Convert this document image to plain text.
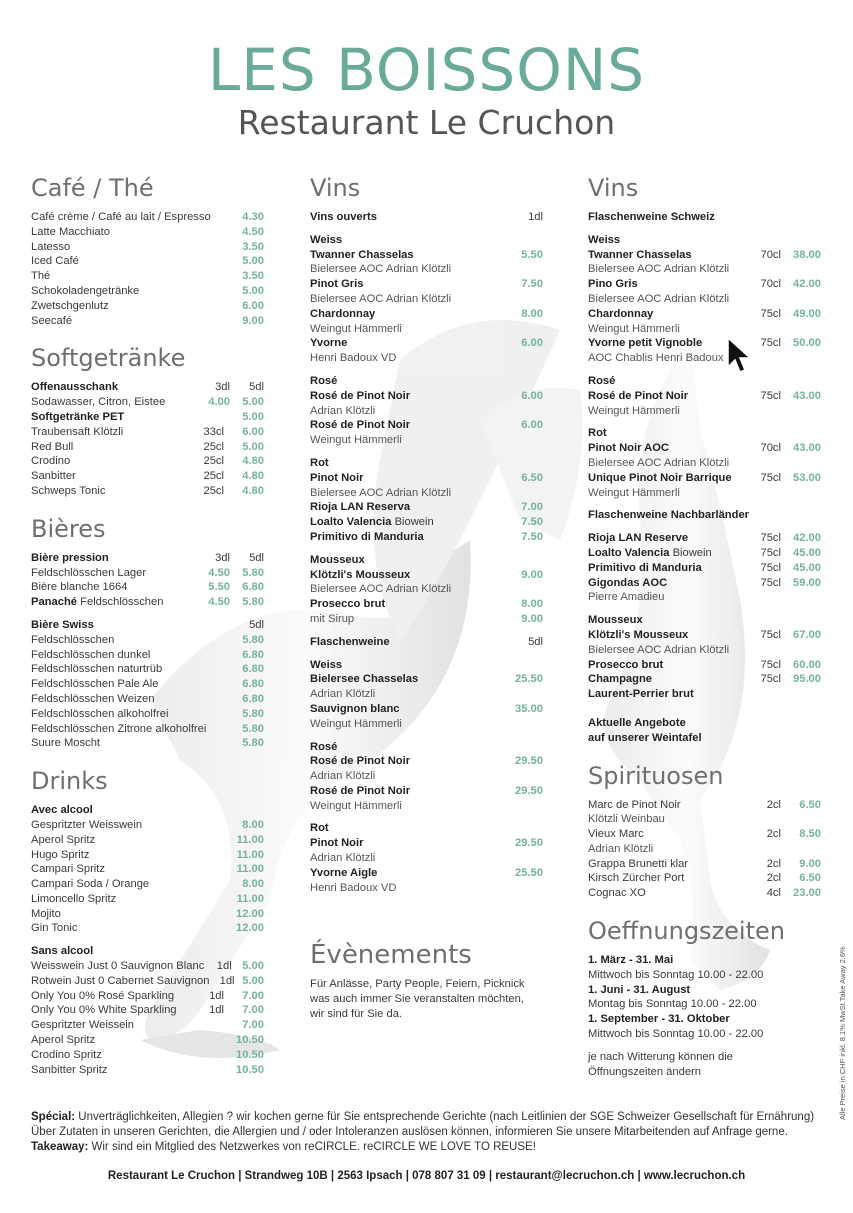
LES BOISSONS
Restaurant Le Cruchon
Café / Thé
Café crème / Café au lait / Espresso	4.30
Latte Macchiato	4.50
Latesso	3.50
Iced Café	5.00
Thé	3.50
Schokoladengetränke	5.00
Zwetschgenlutz	6.00
Seecafé	9.00
Softgetränke
Offenausschank	3dl	5dl
Sodawasser, Citron, Eistee	4.00	5.00
Softgetränke PET	5.00
Traubensaft Klötzli	33cl	6.00
Red Bull	25cl	5.00
Crodino	25cl	4.80
Sanbitter	25cl	4.80
Schweps Tonic	25cl	4.80
Bières
Bière pression	3dl	5dl
Feldschlösschen Lager	4.50	5.80
Bière blanche 1664	5.50	6.80
Panaché Feldschlösschen	4.50	5.80
Bière Swiss	5dl
Feldschlösschen	5.80
Feldschlösschen dunkel	6.80
Feldschlösschen naturtrüb	6.80
Feldschlösschen Pale Ale	6.80
Feldschlösschen Weizen	6.80
Feldschlösschen alkoholfrei	5.80
Feldschlösschen Zitrone alkoholfrei	5.80
Suure Moscht	5.80
Drinks
Avec alcool
Gespritzter Weisswein	8.00
Aperol Spritz	11.00
Hugo Spritz	11.00
Campari Spritz	11.00
Campari Soda / Orange	8.00
Limoncello Spritz	11.00
Mojito	12.00
Gin Tonic	12.00
Sans alcool
Weisswein Just 0 Sauvignon Blanc	1dl 5.00
Rotwein Just 0 Cabernet Sauvignon 1dl 5.00
Only You 0% Rosé Sparkling	1dl	7.00
Only You 0% White Sparkling	1dl	7.00
Gespritzter Weissein	7.00
Aperol Spritz	10.50
Crodino Spritz	10.50
Sanbitter Spritz	10.50
Vins
Vins ouverts	1dl
Weiss
Twanner Chasselas	5.50
Bielersee AOC Adrian Klötzli
Pinot Gris	7.50
Bielersee AOC Adrian Klötzli
Chardonnay	8.00
Weingut Hämmerli
Yvorne	6.00
Henri Badoux VD
Rosé
Rosé de Pinot Noir	6.00
Adrian Klötzli
Rosé de Pinot Noir	6.00
Weingut Hämmerli
Rot
Pinot Noir	6.50
Bielersee AOC Adrian Klötzli
Rioja LAN Reserva	7.00
Loalto Valencia Biowein	7.50
Primitivo di Manduria	7.50
Mousseux
Klötzli's Mousseux	9.00
Bielersee AOC Adrian Klötzli
Prosecco brut	8.00
mit Sirup	9.00
Flaschenweine	5dl
Weiss
Bielersee Chasselas	25.50
Adrian Klötzli
Sauvignon blanc	35.00
Weingut Hämmerli
Rosé
Rosé de Pinot Noir	29.50
Adrian Klötzli
Rosé de Pinot Noir	29.50
Weingut Hämmerli
Rot
Pinot Noir	29.50
Adrian Klötzli
Yvorne Aigle	25.50
Henri Badoux VD
Évènements
Für Anlässe, Party People, Feiern, Picknick
was auch immer Sie veranstalten möchten,
wir sind für Sie da.
Vins
Flaschenweine Schweiz
Weiss
Twanner Chasselas	70cl	38.00
Bielersee AOC Adrian Klötzli
Pino Gris	70cl	42.00
Bielersee AOC Adrian Klötzli
Chardonnay	75cl	49.00
Weingut Hämmerli
Yvorne petit Vignoble	75cl	50.00
AOC Chablis Henri Badoux
Rosé
Rosé de Pinot Noir	75cl	43.00
Weingut Hämmerli
Rot
Pinot Noir AOC	70cl	43.00
Bielersee AOC Adrian Klötzli
Unique Pinot Noir Barrique	75cl	53.00
Weingut Hämmerli
Flaschenweine Nachbarländer
Rioja LAN Reserve	75cl	42.00
Loalto Valencia Biowein	75cl	45.00
Primitivo di Manduria	75cl	45.00
Gigondas AOC	75cl	59.00
Pierre Amadieu
Mousseux
Klötzli's Mousseux	75cl	67.00
Bielersee AOC Adrian Klötzli
Prosecco brut	75cl	60.00
Champagne	75cl	95.00
Laurent-Perrier brut
Aktuelle Angebote
auf unserer Weintafel
Spirituosen
Marc de Pinot Noir	2cl	6.50
Klötzli Weinbau
Vieux Marc	2cl	8.50
Adrian Klötzli
Grappa Brunetti klar	2cl	9.00
Kirsch Zürcher Port	2cl	6.50
Cognac XO	4cl	23.00
Oeffnungszeiten
1. März - 31. Mai
Mittwoch bis Sonntag 10.00 - 22.00
1. Juni - 31. August
Montag bis Sonntag 10.00 - 22.00
1. September - 31. Oktober
Mittwoch bis Sonntag 10.00 - 22.00
je nach Witterung können die
Öffnungszeiten ändern
Spécial: Unverträglichkeiten, Allegien ? wir kochen gerne für Sie entsprechende Gerichte (nach Leitlinien der SGE Schweizer Gesellschaft für Ernährung)
Über Zutaten in unseren Gerichten, die Allergien und / oder Intoleranzen auslösen können, informieren Sie unsere Mitarbeitenden auf Anfrage gerne.
Takeaway: Wir sind ein Mitglied des Netzwerkes von reCIRCLE. reCIRCLE WE LOVE TO REUSE!
Restaurant Le Cruchon | Strandweg 10B | 2563 Ipsach | 078 807 31 09 | restaurant@lecruchon.ch | www.lecruchon.ch
Alle Preise in CHF inkl. 8.1% MwSt.Take Away 2.6%
